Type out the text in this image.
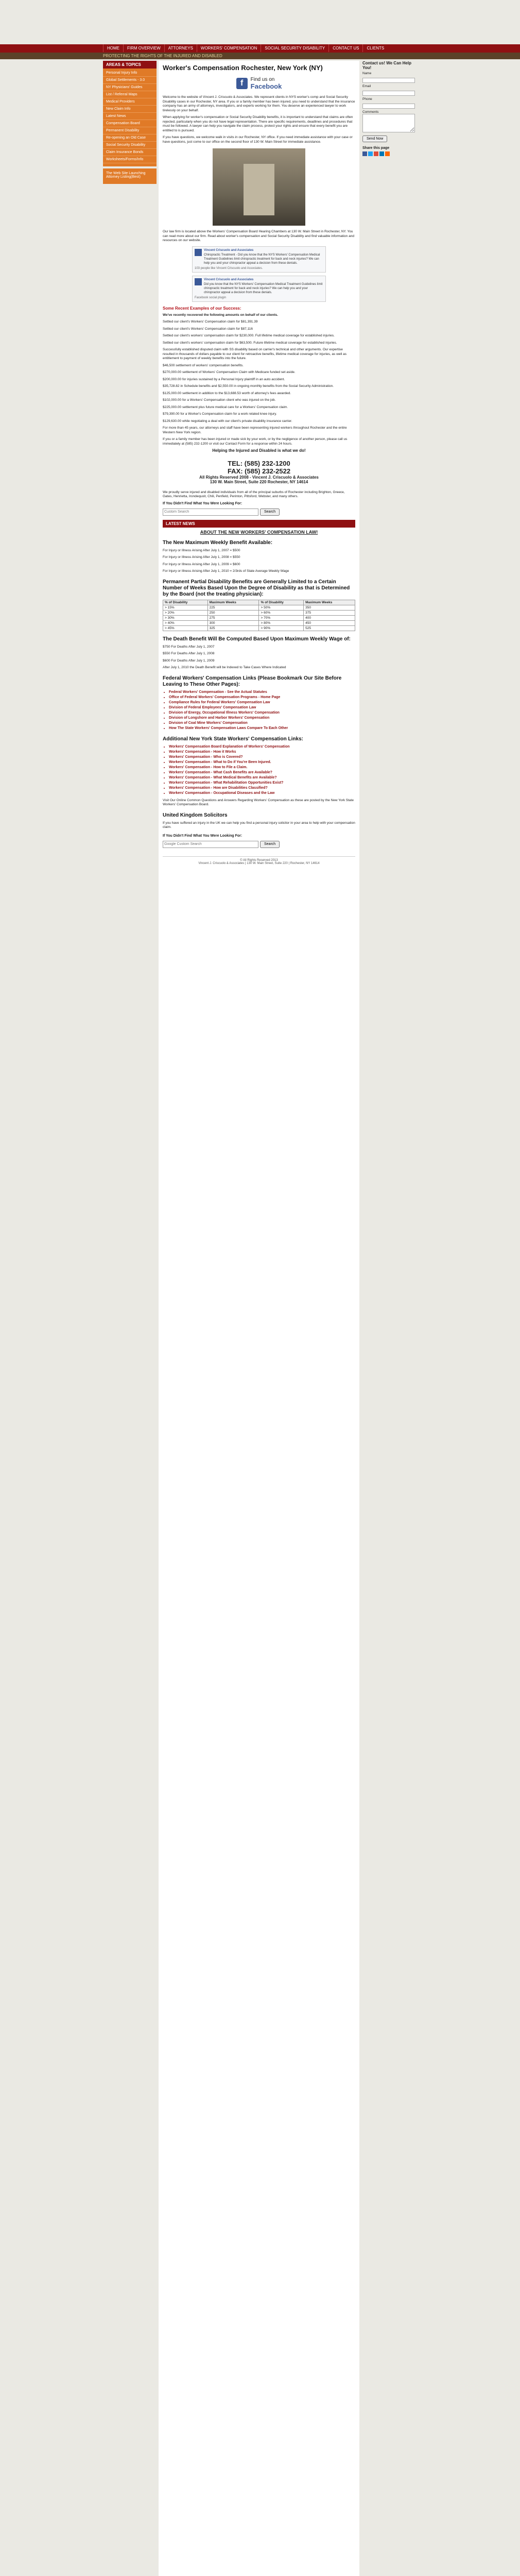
HOME	FIRM OVERVIEW	ATTORNEYS	WORKERS' COMPENSATION	SOCIAL SECURITY DISABILITY	CONTACT US	CLIENTS
PROTECTING THE RIGHTS OF THE INJURED AND DISABLED
AREAS & TOPICS
Personal Injury Info
Global Settlements - 3.0
NY Physicians' Guides
List / Referral Maps
Medical Providers
New Claim Info
Latest News
Compensation Board
Permanent Disability
Re-opening an Old Case
Social Security Disability
Claim Insurance Bonds
Worksheets/Forms/Info

The Web Site Launching Attorney Listing(Best)

Worker's Compensation Rochester, New York (NY)
f	Find us on
Facebook

Welcome to the website of Vincent J. Criscuolo & Associates. We represent clients in NYS worker's comp and Social Security Disability cases in our Rochester, NY area. If you or a family member has been injured, you need to understand that the insurance company has an army of attorneys, investigators, and experts working for them. You deserve an experienced lawyer to work tirelessly on your behalf.

When applying for worker's compensation or Social Security Disability benefits, it is important to understand that claims are often rejected, particularly when you do not have legal representation. There are specific requirements, deadlines and procedures that must be followed. A lawyer can help you navigate the claim process, protect your rights and ensure that every benefit you are entitled to is pursued.

If you have questions, we welcome walk in visits in our Rochester, NY office. If you need immediate assistance with your case or have questions, just come to our office on the second floor of 130 W. Main Street for immediate assistance.

Our law firm is located above the Workers' Compensation Board Hearing Chambers at 130 W. Main Street in Rochester, NY. You can read more about our firm. Read about worker's compensation and Social Security Disability and find valuable information and resources on our website.

Vincent Criscuolo and Associates
Chiropractic Treatment - Did you know that the NYS Workers' Compensation Medical Treatment Guidelines limit chiropractic treatment for back and neck injuries? We can help you and your chiropractor appeal a decision from these denials.
103 people like Vincent Criscuolo and Associates.
Vincent Criscuolo and Associates
Did you know that the NYS Workers' Compensation Medical Treatment Guidelines limit chiropractic treatment for back and neck injuries? We can help you and your chiropractor appeal a decision from these denials.
Facebook social plugin
Some Recent Examples of our Success:

We've recently recovered the following amounts on behalf of our clients.

Settled our client's Workers' Compensation claim for $81,391.39

Settled our client's Workers' Compensation claim for $87,116

Settled our client's workers' compensation claim for $230,000. Full lifetime medical coverage for established injuries.

Settled our client's workers' compensation claim for $63,500. Future lifetime medical coverage for established injuries.

Successfully established disputed claim with SS disability based on carrier's technical and other arguments. Our expertise resulted in thousands of dollars payable to our client for retroactive benefits, lifetime medical coverage for injuries, as well as entitlement to payment of weekly benefits into the future.

$46,500 settlement of workers' compensation benefits.

$270,000.00 settlement of Workers' Compensation Claim with Medicare funded set aside.

$200,000.00 for injuries sustained by a Personal Injury plaintiff in an auto accident.

$35,728.82 in Schedule benefits and $2,550.00 in ongoing monthly benefits from the Social Security Administration.

$125,000.00 settlement in addition to the $13,688.53 worth of attorney's fees awarded.

$102,000.00 for a Workers' Compensation client who was injured on the job.

$225,000.00 settlement plus future medical care for a Workers' Compensation claim.

$79,390.00 for a Worker's Compensation claim for a work related knee injury.

$129,630.00 while negotiating a deal with our client's private disability insurance carrier.

For more than 45 years, our attorneys and staff have been representing injured workers throughout Rochester and the entire Western New York region.

If you or a family member has been injured or made sick by your work, or by the negligence of another person, please call us immediately at (585) 232-1200 or visit our Contact Form for a response within 24 hours.

Helping the Injured and Disabled is what we do!

TEL: (585) 232-1200
FAX: (585) 232-2522
All Rights Reserved 2008 - Vincent J. Criscuolo & Associates
130 W. Main Street, Suite 220 Rochester, NY 14614

We proudly serve injured and disabled individuals from all of the principal suburbs of Rochester including Brighton, Greece, Gates, Henrietta, Irondequoit, Chili, Penfield, Perinton, Pittsford, Webster, and many others.

If You Didn't Find What You Were Looking For:
Custom Search
Search
LATEST NEWS
ABOUT THE NEW WORKERS' COMPENSATION LAW!
The New Maximum Weekly Benefit Available:

For Injury or Illness Arising After July 1, 2007 = $500

For Injury or Illness Arising After July 1, 2008 = $550

For Injury or Illness Arising After July 1, 2009 = $600

For Injury or Illness Arising After July 1, 2010 = 2/3rds of State Average Weekly Wage

Permanent Partial Disability Benefits are Generally Limited to a Certain Number of Weeks Based Upon the Degree of Disability as that is Determined by the Board (not the treating physician):
% of Disability	Maximum Weeks	% of Disability	Maximum Weeks
> 15%	225	> 50%	350
> 20%	250	> 60%	375
> 30%	275	> 70%	400
> 40%	300	> 80%	450
> 45%	325	> 90%	525
The Death Benefit Will Be Computed Based Upon Maximum Weekly Wage of:

$750 For Deaths After July 1, 2007

$550 For Deaths After July 1, 2008

$600 For Deaths After July 1, 2009

After July 1, 2010 the Death Benefit will be Indexed to Take Cases Where Indicated

Federal Workers' Compensation Links (Please Bookmark Our Site Before Leaving to These Other Pages):
• Federal Workers' Compensation - See the Actual Statutes
• Office of Federal Workers' Compensation Programs - Home Page
• Compliance Rules for Federal Workers' Compensation Law
• Division of Federal Employees' Compensation Law
• Division of Energy, Occupational Illness Workers' Compensation
• Division of Longshore and Harbor Workers' Compensation
• Division of Coal Mine Workers' Compensation
• How The State Workers' Compensation Laws Compare To Each Other
Additional New York State Workers' Compensation Links:
• Workers' Compensation Board Explanation of Workers' Compensation
• Workers' Compensation - How it Works
• Workers' Compensation - Who is Covered?
• Workers' Compensation - What to Do if You're Been Injured.
• Workers' Compensation - How to File a Claim.
• Workers' Compensation - What Cash Benefits are Available?
• Workers' Compensation - What Medical Benefits are Available?
• Workers' Compensation - What Rehabilitation Opportunities Exist?
• Workers' Compensation - How are Disabilities Classified?
• Workers' Compensation - Occupational Diseases and the Law

Visit Our Online Common Questions and Answers Regarding Workers' Compensation as these are posted by the New York State Workers' Compensation Board.

United Kingdom Solicitors

If you have suffered an injury in the UK we can help you find a personal injury solicitor in your area to help with your compensation claim.

If You Didn't Find What You Were Looking For:
Google Custom Search
Search
© All Rights Reserved 2013
Vincent J. Criscuolo & Associates | 130 W. Main Street, Suite 220 | Rochester, NY 14614
Contact us! We Can Help You!
Name
Email
Phone
Comments
Send Now
Share this page
